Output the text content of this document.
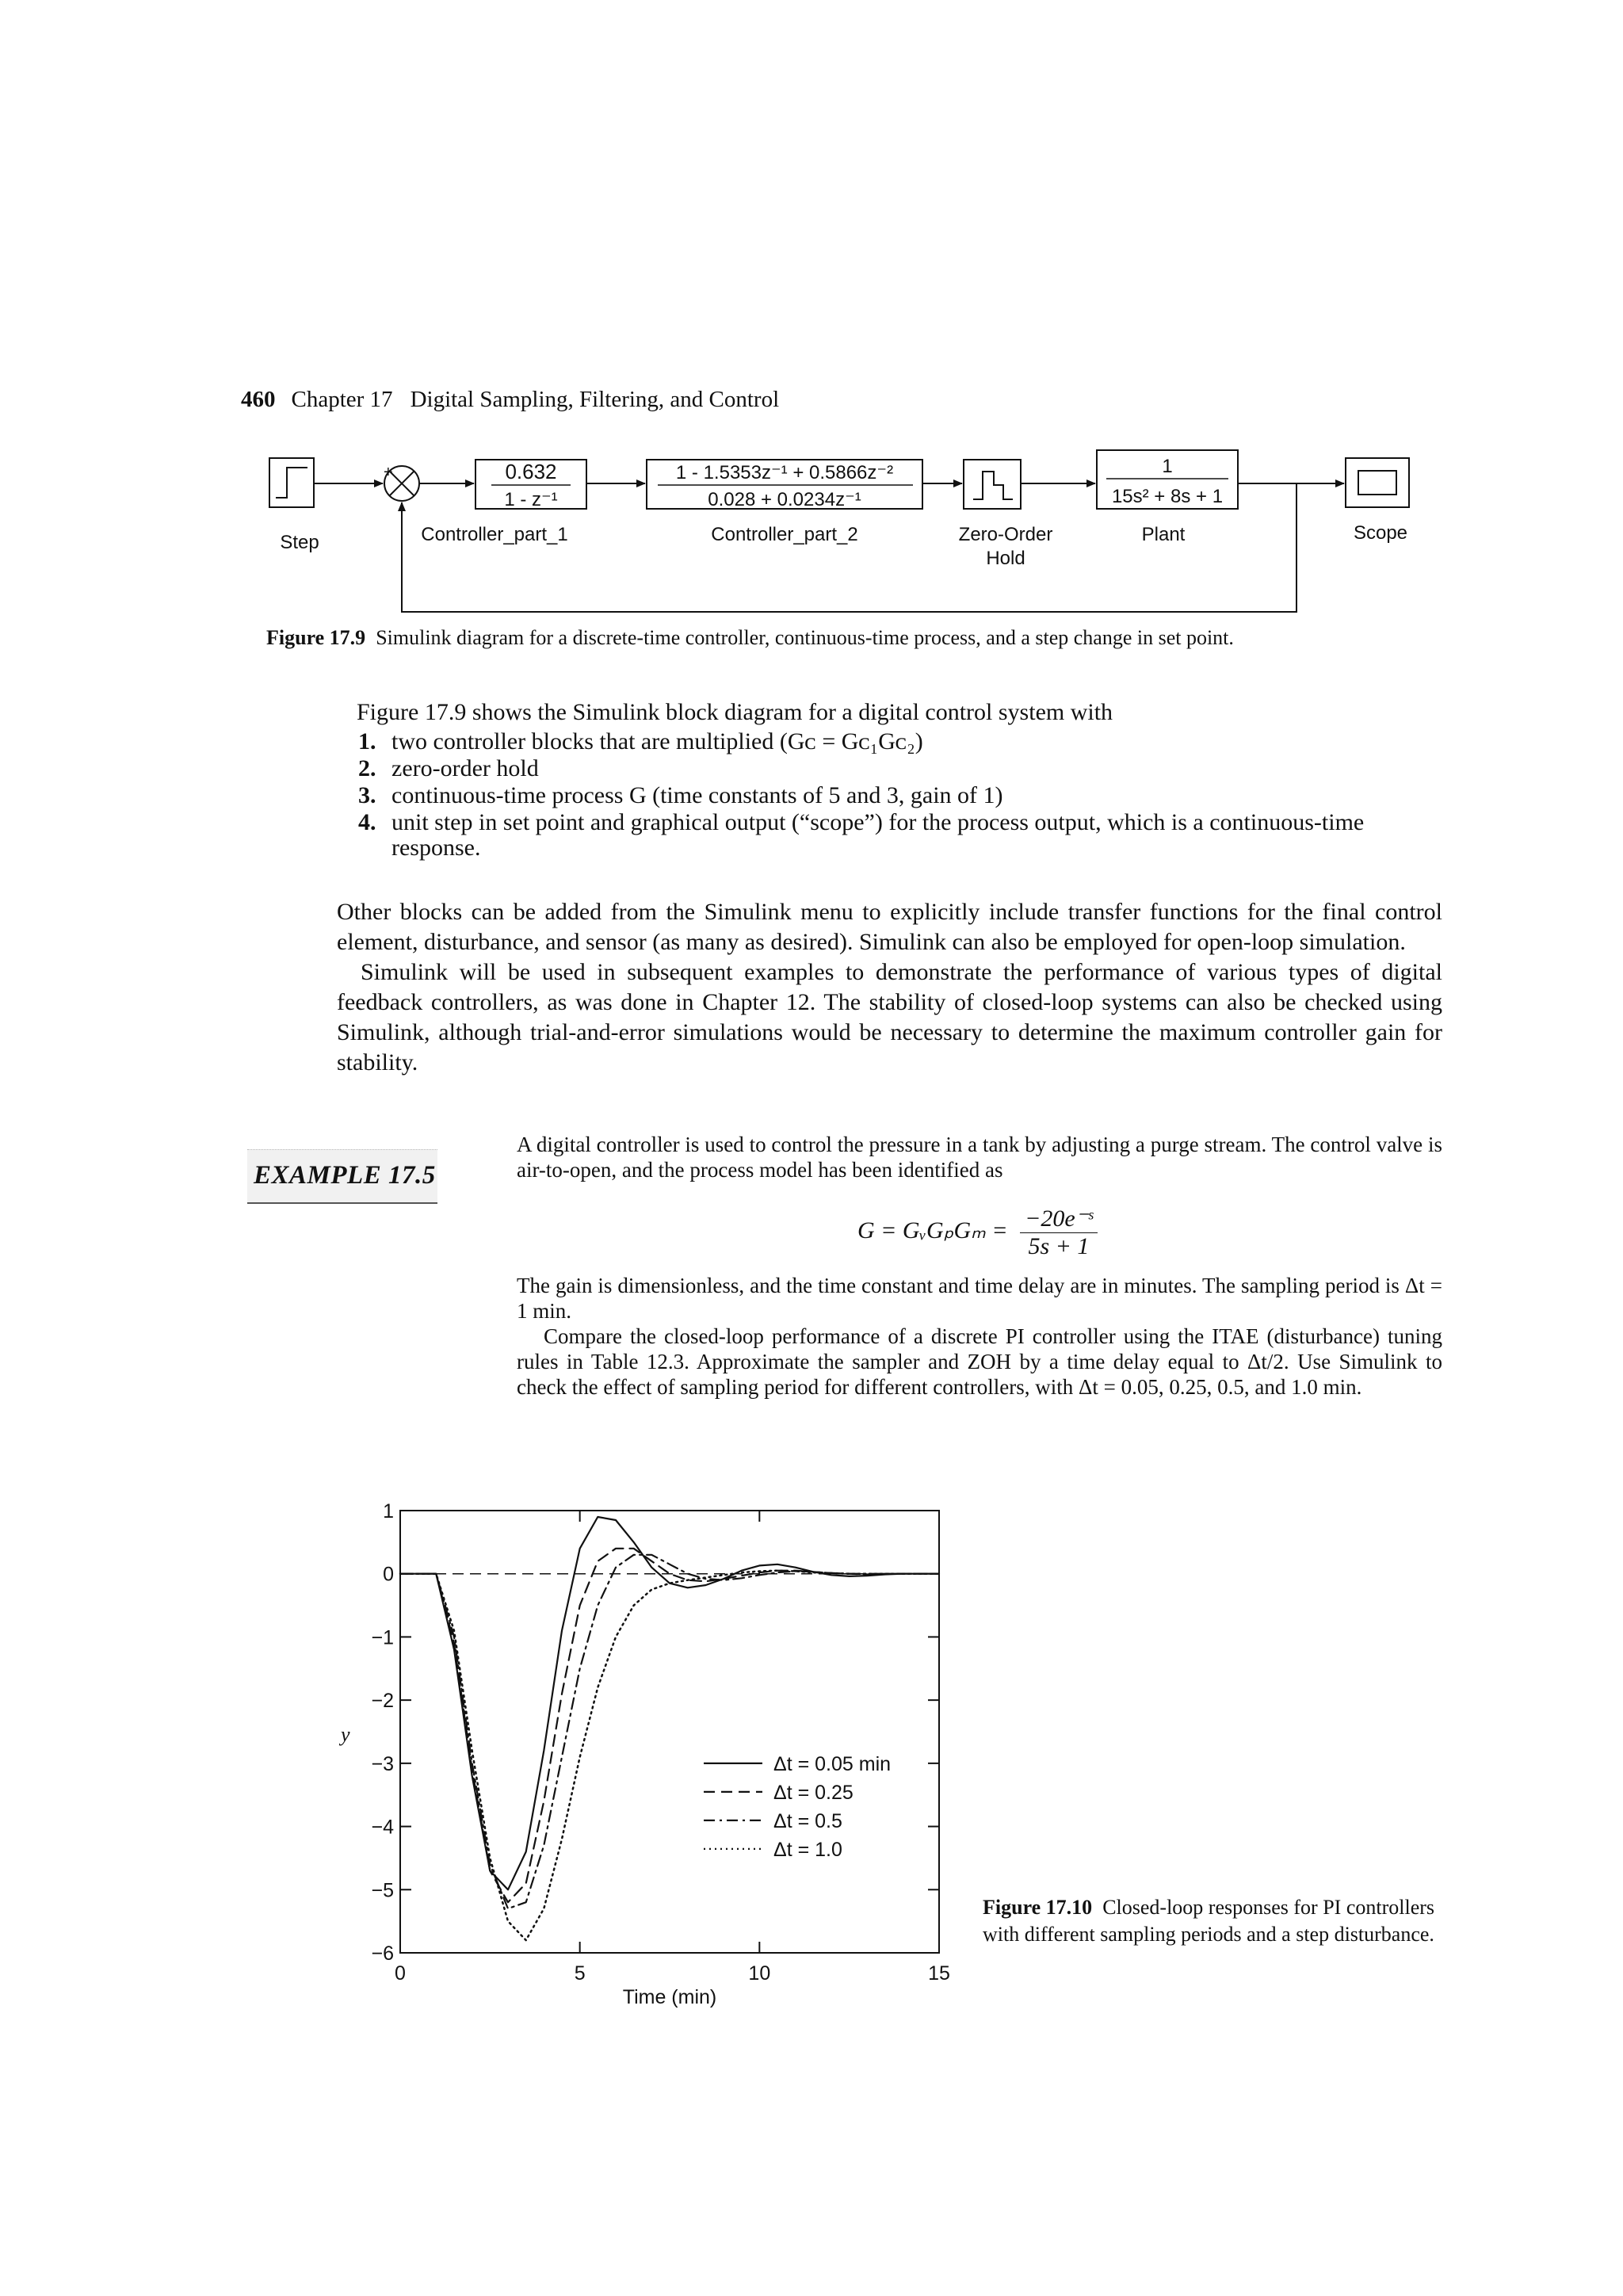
460 Chapter 17 Digital Sampling, Filtering, and Control
+	0.632
1 - z⁻¹
1 - 1.5353z⁻¹ + 0.5866z⁻²
0.028 + 0.0234z⁻¹
1
15s² + 8s + 1
Step	Controller_part_1	Controller_part_2	Zero-Order
Hold
Plant	Scope
Figure 17.9 Simulink diagram for a discrete-time controller, continuous-time process, and a step change in set point.
Figure 17.9 shows the Simulink block diagram for a digital control system with
1. two controller blocks that are multiplied (Gᴄ = Gᴄ₁Gᴄ₂)
2. zero-order hold
3. continuous-time process G (time constants of 5 and 3, gain of 1)
4. unit step in set point and graphical output (“scope”) for the process output, which is a continuous-time response.

Other blocks can be added from the Simulink menu to explicitly include transfer functions for the final control element, disturbance, and sensor (as many as desired). Simulink can also be employed for open-loop simulation.

Simulink will be used in subsequent examples to demonstrate the performance of various types of digital feedback controllers, as was done in Chapter 12. The stability of closed-loop systems can also be checked using Simulink, although trial-and-error simulations would be necessary to determine the maximum controller gain for stability.

EXAMPLE 17.5

A digital controller is used to control the pressure in a tank by adjusting a purge stream. The control valve is air-to-open, and the process model has been identified as

G = GᵥGₚGₘ = $\frac{\text{−20e⁻ˢ}}{5s + 1}$

The gain is dimensionless, and the time constant and time delay are in minutes. The sampling period is Δt = 1 min.

Compare the closed-loop performance of a discrete PI controller using the ITAE (disturbance) tuning rules in Table 12.3. Approximate the sampler and ZOH by a time delay equal to Δt/2. Use Simulink to check the effect of sampling period for different controllers, with Δt = 0.05, 0.25, 0.5, and 1.0 min.

0	5	10	15
1
0
−1
−2
−3
−4
−5
−6
Time (min)
y
Δt = 0.05 min
Δt = 0.25
Δt = 0.5
Δt = 1.0
Figure 17.10 Closed-loop responses for PI controllers with different sampling periods and a step disturbance.
